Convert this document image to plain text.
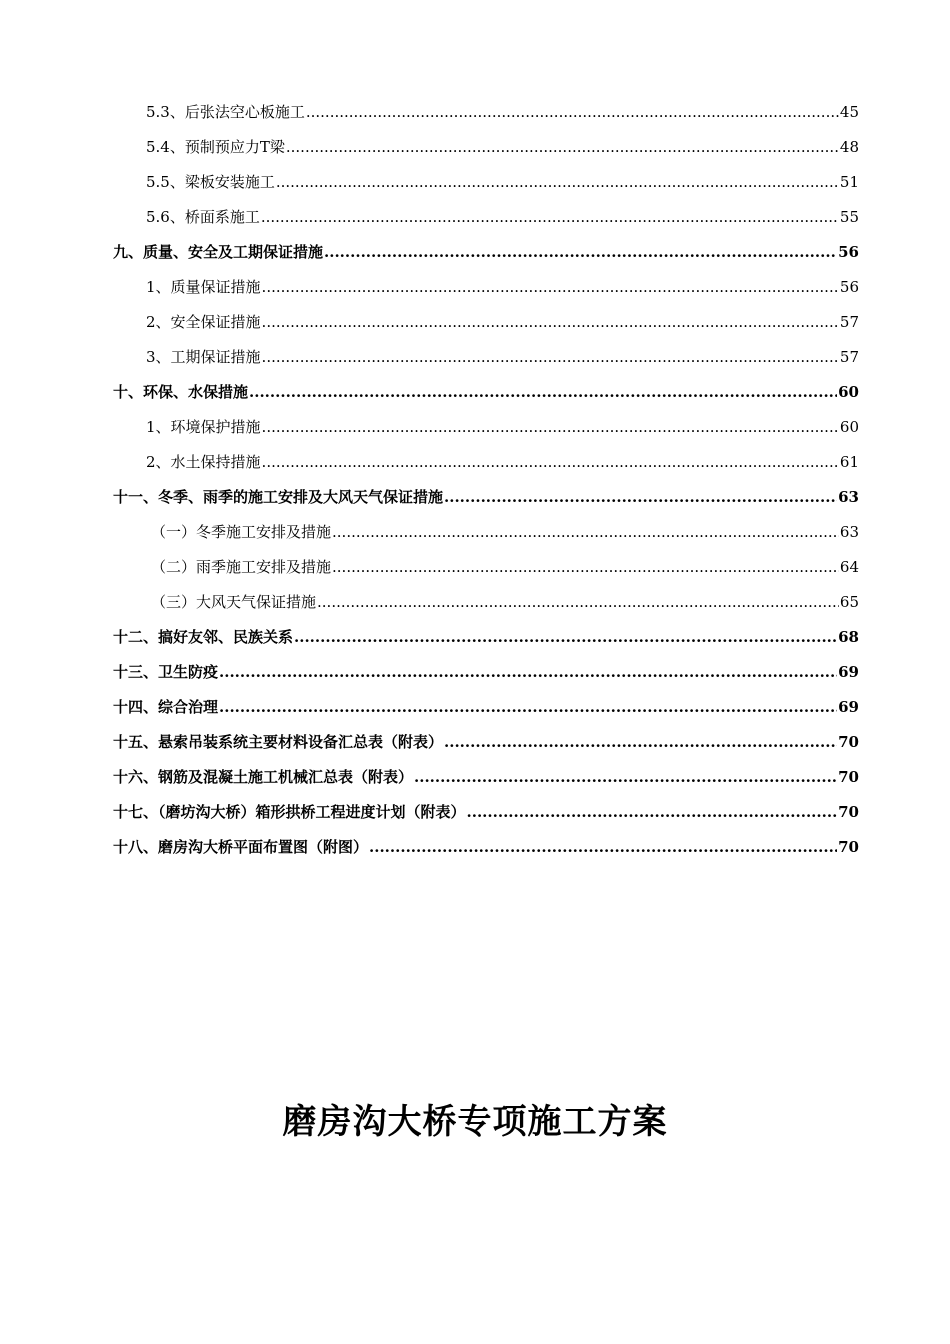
5.3、后张法空心板施工 .....	45
5.4、预制预应力T梁 .....	48
5.5、梁板安装施工 .....	51
5.6、桥面系施工 .....	55
九、质量、安全及工期保证措施 .....	56
1、质量保证措施 .....	56
2、安全保证措施 .....	57
3、工期保证措施 .....	57
十、环保、水保措施 .....	60
1、环境保护措施 .....	60
2、水土保持措施 .....	61
十一、冬季、雨季的施工安排及大风天气保证措施 .....	63
（一）冬季施工安排及措施 .....	63
（二）雨季施工安排及措施 .....	64
（三）大风天气保证措施 .....	65
十二、搞好友邻、民族关系 .....	68
十三、卫生防疫 .....	69
十四、综合治理 .....	69
十五、悬索吊装系统主要材料设备汇总表（附表） .....	70
十六、钢筋及混凝土施工机械汇总表（附表） .....	70
十七、（磨坊沟大桥）箱形拱桥工程进度计划（附表） .....	70
十八、磨房沟大桥平面布置图（附图） .....	70
磨房沟大桥专项施工方案
